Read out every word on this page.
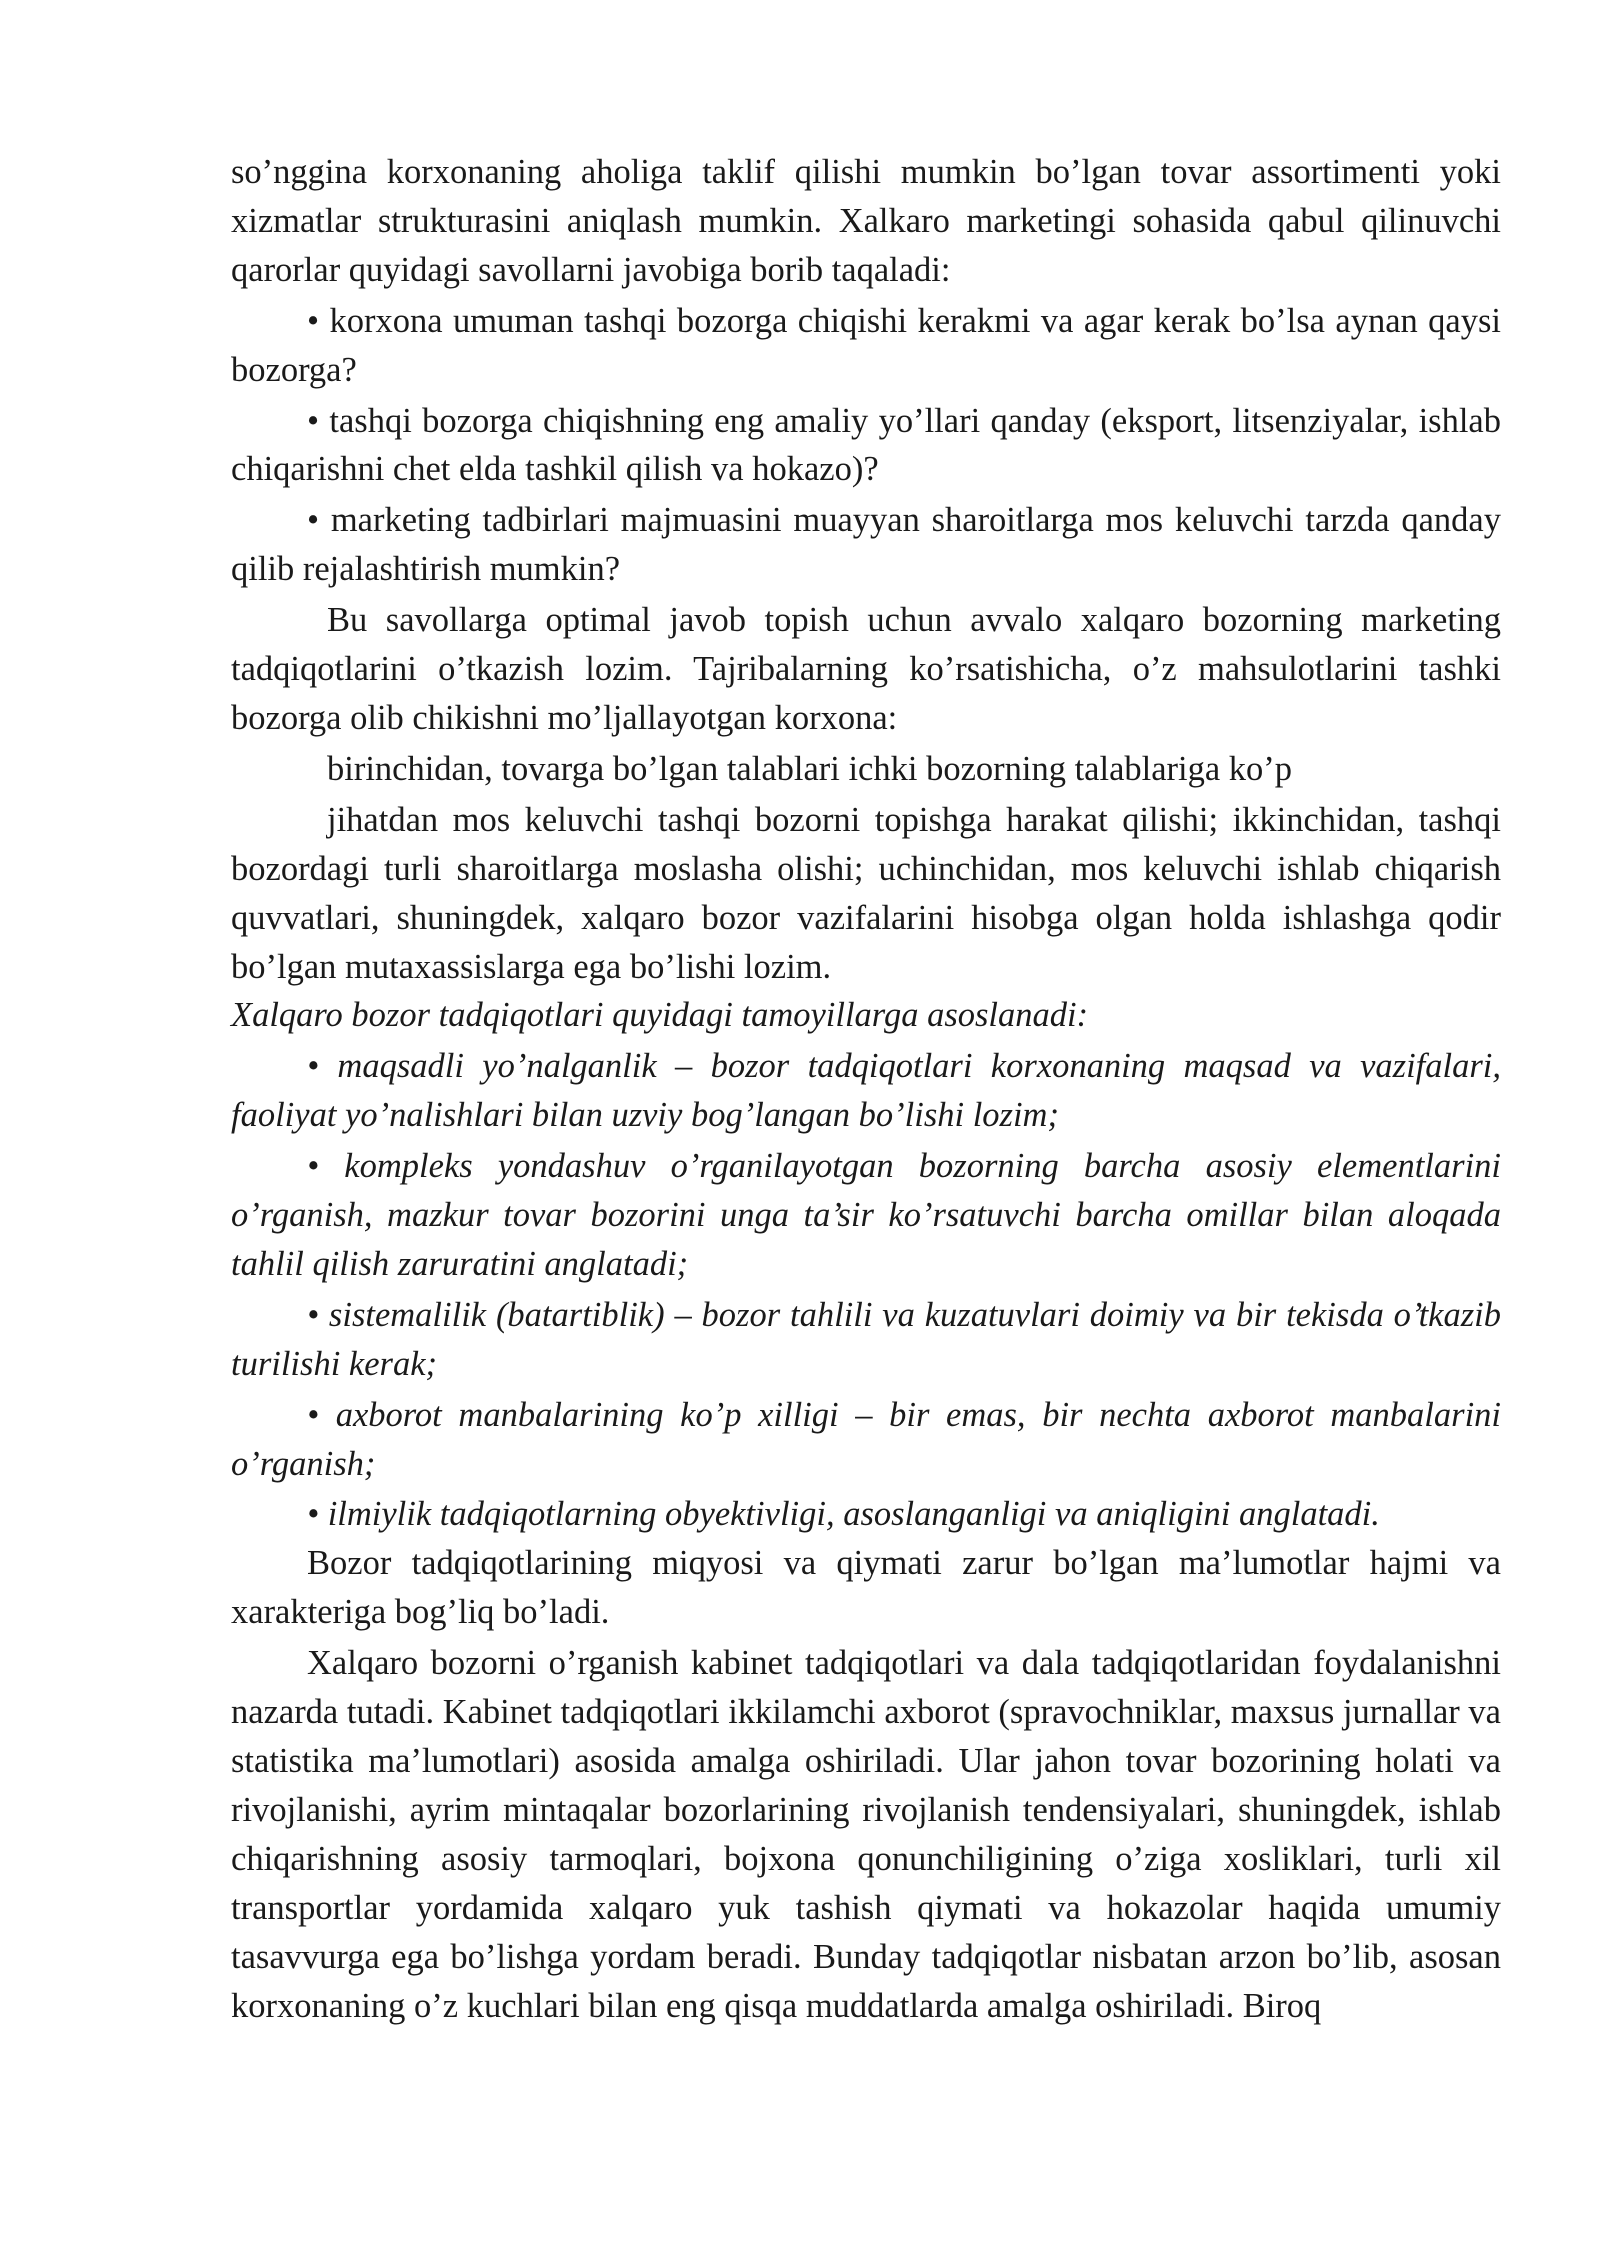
so’nggina korxonaning aholiga taklif qilishi mumkin bo’lgan tovar assortimenti yoki xizmatlar strukturasini aniqlash mumkin. Xalkaro marketingi sohasida qabul qilinuvchi qarorlar quyidagi savollarni javobiga borib taqaladi:

• korxona umuman tashqi bozorga chiqishi kerakmi va agar kerak bo’lsa aynan qaysi bozorga?

• tashqi bozorga chiqishning eng amaliy yo’llari qanday (eksport, litsenziyalar, ishlab chiqarishni chet elda tashkil qilish va hokazo)?

• marketing tadbirlari majmuasini muayyan sharoitlarga mos keluvchi tarzda qanday qilib rejalashtirish mumkin?

Bu savollarga optimal javob topish uchun avvalo xalqaro bozorning marketing tadqiqotlarini o’tkazish lozim. Tajribalarning ko’rsatishicha, o’z mahsulotlarini tashki bozorga olib chikishni mo’ljallayotgan korxona:

birinchidan, tovarga bo’lgan talablari ichki bozorning talablariga ko’p

jihatdan mos keluvchi tashqi bozorni topishga harakat qilishi; ikkinchidan, tashqi bozordagi turli sharoitlarga moslasha olishi; uchinchidan, mos keluvchi ishlab chiqarish quvvatlari, shuningdek, xalqaro bozor vazifalarini hisobga olgan holda ishlashga qodir bo’lgan mutaxassislarga ega bo’lishi lozim.

Xalqaro bozor tadqiqotlari quyidagi tamoyillarga asoslanadi:

• maqsadli yo’nalganlik – bozor tadqiqotlari korxonaning maqsad va vazifalari, faoliyat yo’nalishlari bilan uzviy bog’langan bo’lishi lozim;

• kompleks yondashuv o’rganilayotgan bozorning barcha asosiy elementlarini o’rganish, mazkur tovar bozorini unga ta’sir ko’rsatuvchi barcha omillar bilan aloqada tahlil qilish zaruratini anglatadi;

• sistemalilik (batartiblik) – bozor tahlili va kuzatuvlari doimiy va bir tekisda o’tkazib turilishi kerak;

• axborot manbalarining ko’p xilligi – bir emas, bir nechta axborot manbalarini o’rganish;

• ilmiylik tadqiqotlarning obyektivligi, asoslanganligi va aniqligini anglatadi.

Bozor tadqiqotlarining miqyosi va qiymati zarur bo’lgan ma’lumotlar hajmi va xarakteriga bog’liq bo’ladi.

Xalqaro bozorni o’rganish kabinet tadqiqotlari va dala tadqiqotlaridan foydalanishni nazarda tutadi. Kabinet tadqiqotlari ikkilamchi axborot (spravochniklar, maxsus jurnallar va statistika ma’lumotlari) asosida amalga oshiriladi. Ular jahon tovar bozorining holati va rivojlanishi, ayrim mintaqalar bozorlarining rivojlanish tendensiyalari, shuningdek, ishlab chiqarishning asosiy tarmoqlari, bojxona qonunchiligining o’ziga xosliklari, turli xil transportlar yordamida xalqaro yuk tashish qiymati va hokazolar haqida umumiy tasavvurga ega bo’lishga yordam beradi. Bunday tadqiqotlar nisbatan arzon bo’lib, asosan korxonaning o’z kuchlari bilan eng qisqa muddatlarda amalga oshiriladi. Biroq
